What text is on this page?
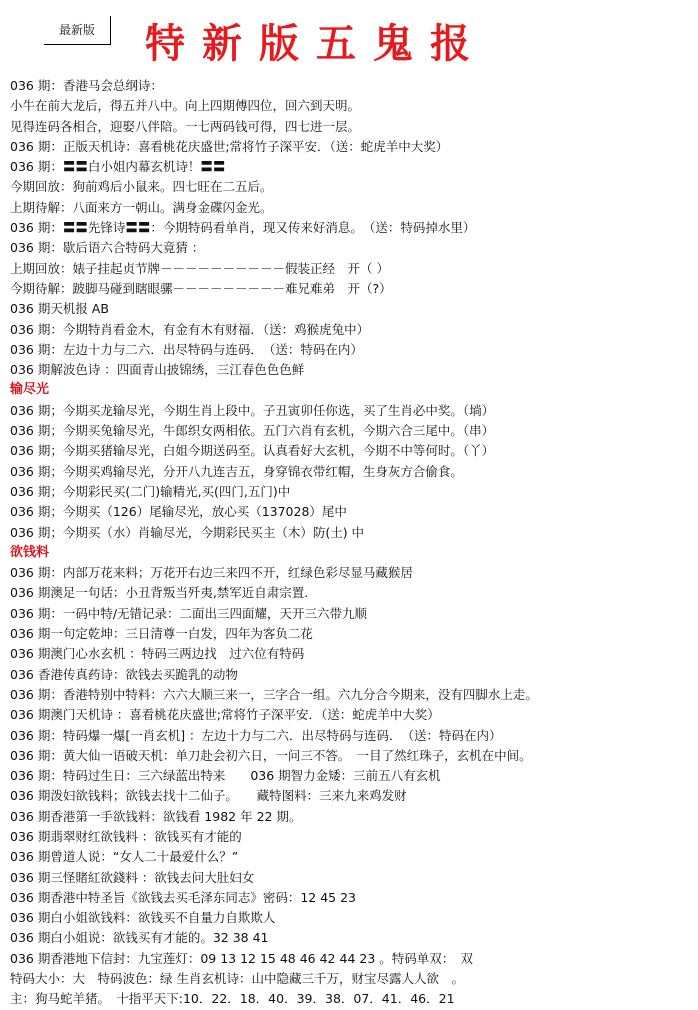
最新版	特新版五鬼报
036 期：香港马会总纲诗：
小牛在前大龙后，得五并八中。向上四期傅四位，回六到天明。
见得连码各相合，迎娶八伴陪。一七两码钱可得，四七进一层。
036 期：正版天机诗：喜看桃花庆盛世;常将竹子深平安．（送：蛇虎羊中大奖）
036 期：〓〓白小姐内幕玄机诗！〓〓
今期回放：狗前鸡后小鼠来。四七旺在二五后。
上期待解：八面来方一朝山。满身金碟闪金光。
036 期：〓〓先锋诗〓〓：今期特码看单肖，现又传来好消息。　（送：特码掉水里）
036 期：歇后语六合特码大竟猜 ：
上期回放：婊子挂起贞节牌－－－－－－－－－－假装正经　开（ ）
今期待解：跛脚马碰到瞎眼骡－－－－－－－－－难兄难弟　开（?）
036 期天机报 AB
036 期：今期特肖看金木，有金有木有财福．（送：鸡猴虎兔中）
036 期：左边十力与二六．出尽特码与连码．　（送：特码在内）
036 期解波色诗 ：四面青山披锦绣，三江春色色色鲜
输尽光
036 期；今期买龙输尽光，今期生肖上段中。子丑寅卯任你选，买了生肖必中奖。（埫）
036 期；今期买兔输尽光，牛郎织女两相依。五门六肖有玄机，今期六合三尾中。（串）
036 期；今期买猪输尽光，白姐今期送码至。认真看好大玄机，今期不中等何时。（丫）
036 期；今期买鸡输尽光，分开八九连吉五，身穿锦衣带红帽，生身灰方合偷食。
036 期；今期彩民买(二门)输精光,买(四门,五门)中
036 期；今期买（126）尾输尽光，放心买（137028）尾中
036 期；今期买（水）肖输尽光，今期彩民买主（木）防(土) 中
欲钱料
036 期：内部万花来料；万花开右边三来四不开，红绿色彩尽显马藏猴居
036 期澳足一句话：小丑背叛当歼夷,禁军近自肃宗置.
036 期：一码中特/无错记录：二面出三四面耀，天开三六带九顺
036 期一句定乾坤：三日清尊一白发，四年为客负二花
036 期澳门心水玄机 ：特码三两边找　过六位有特码
036 香港传真药诗：欲钱去买跪乳的动物
036 期：香港特别中特料：六六大顺三来一，三字合一组。六九分合今期来，没有四脚水上走。
036 期澳门天机诗 ：喜看桃花庆盛世;常将竹子深平安．（送：蛇虎羊中大奖）
036 期：特码爆一爆[一肖玄机] ：左边十力与二六．出尽特码与连码．　（送：特码在内）
036 期：黄大仙一语破天机：单刀赴会初六日，一问三不答。　一目了然红珠子，玄机在中间。
036 期：特码过生日：三六绿蓝出特来　　036 期智力金矮：三前五八有玄机
036 期泼妇欲钱料；欲钱去找十二仙子。　　藏特图料：三来九来鸡发财
036 期香港第一手欲钱料：欲钱看 1982 年 22 期。
036 期翡翠财红欲钱料 ：欲钱买有才能的
036 期曾道人说：“女人二十最爱什么？”
036 期三怪賭紅欲錢料 ：欲钱去问大肚妇女
036 期香港中特圣旨《欲钱去买毛泽东同志》密码：12 45 23
036 期白小姐欲钱料：欲钱买不自量力自欺欺人
036 期白小姐说：欲钱买有才能的。32 38 41
036 期香港地下信封：九宝莲灯：09 13 12 15 48 46 42 44 23 。特码单双：　双
特码大小：大　特码波色：绿 生肖玄机诗：山中隐藏三千万，财宝尽露人人欲　。
主：狗马蛇羊猪。　十指平天下:10．22．18．40．39．38．07．41．46．21
